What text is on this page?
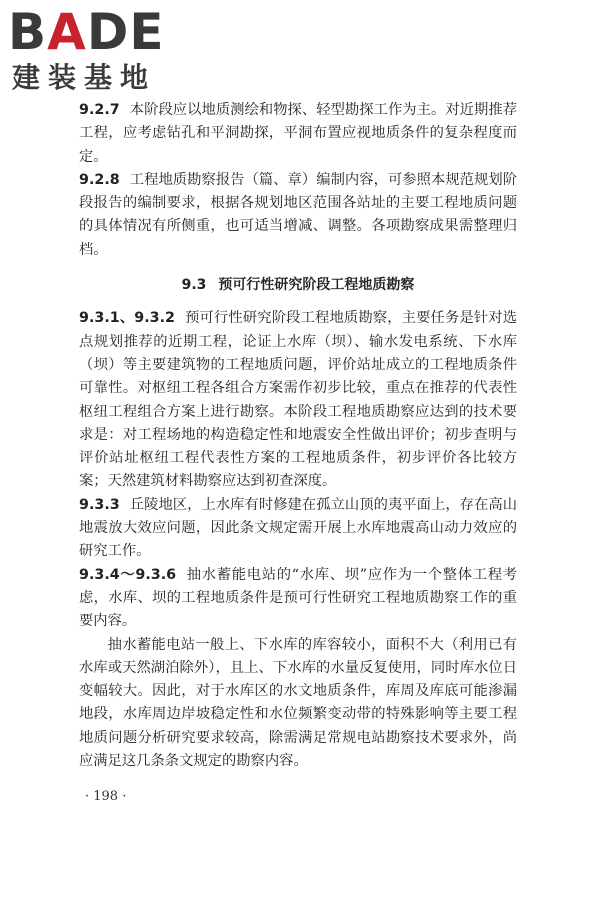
BADE
建装基地

9.2.7 本阶段应以地质测绘和物探、轻型勘探工作为主。对近期推荐工程，应考虑钻孔和平洞勘探，平洞布置应视地质条件的复杂程度而定。

9.2.8 工程地质勘察报告（篇、章）编制内容，可参照本规范规划阶段报告的编制要求，根据各规划地区范围各站址的主要工程地质问题的具体情况有所侧重，也可适当增减、调整。各项勘察成果需整理归档。

9.3 预可行性研究阶段工程地质勘察

9.3.1、9.3.2 预可行性研究阶段工程地质勘察，主要任务是针对选点规划推荐的近期工程，论证上水库（坝）、输水发电系统、下水库（坝）等主要建筑物的工程地质问题，评价站址成立的工程地质条件可靠性。对枢纽工程各组合方案需作初步比较，重点在推荐的代表性枢纽工程组合方案上进行勘察。本阶段工程地质勘察应达到的技术要求是：对工程场地的构造稳定性和地震安全性做出评价；初步查明与评价站址枢纽工程代表性方案的工程地质条件，初步评价各比较方案；天然建筑材料勘察应达到初查深度。

9.3.3 丘陵地区，上水库有时修建在孤立山顶的夷平面上，存在高山地震放大效应问题，因此条文规定需开展上水库地震高山动力效应的研究工作。

9.3.4～9.3.6 抽水蓄能电站的“水库、坝”应作为一个整体工程考虑，水库、坝的工程地质条件是预可行性研究工程地质勘察工作的重要内容。

抽水蓄能电站一般上、下水库的库容较小，面积不大（利用已有水库或天然湖泊除外），且上、下水库的水量反复使用，同时库水位日变幅较大。因此，对于水库区的水文地质条件，库周及库底可能渗漏地段，水库周边岸坡稳定性和水位频繁变动带的特殊影响等主要工程地质问题分析研究要求较高，除需满足常规电站勘察技术要求外，尚应满足这几条条文规定的勘察内容。

· 198 ·
